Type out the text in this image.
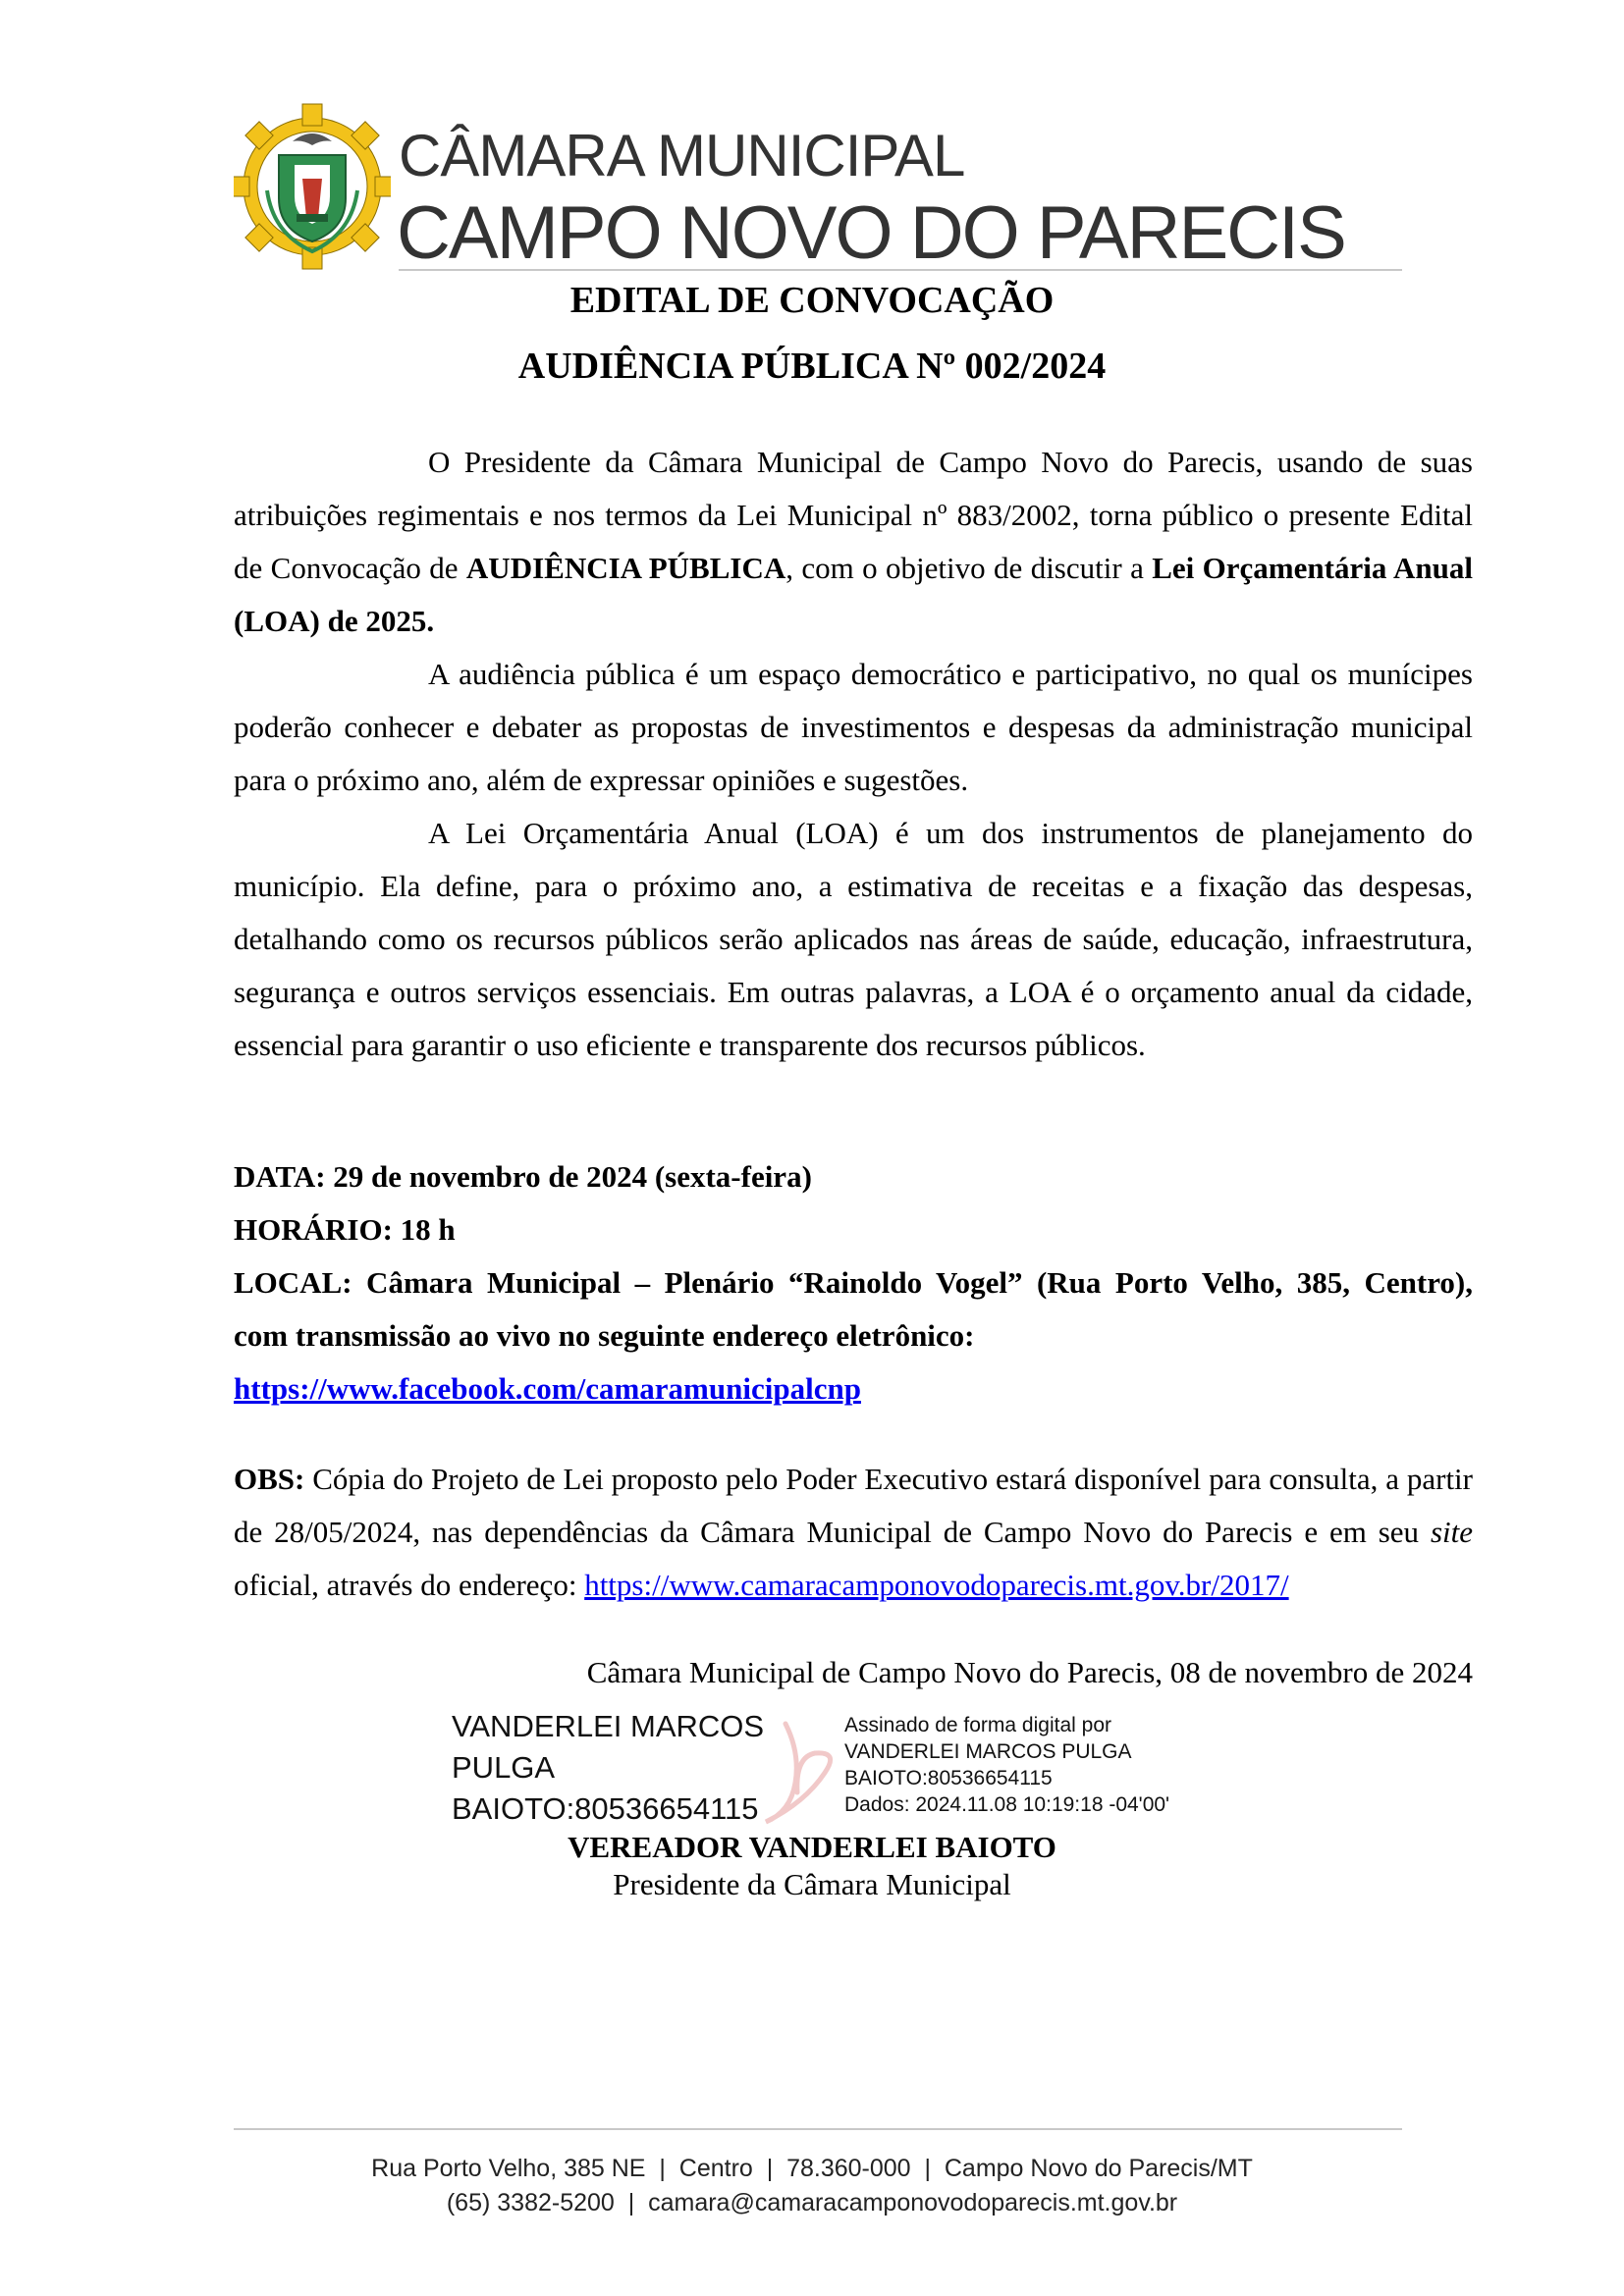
CÂMARA MUNICIPAL
CAMPO NOVO DO PARECIS
EDITAL DE CONVOCAÇÃO
AUDIÊNCIA PÚBLICA Nº 002/2024

O Presidente da Câmara Municipal de Campo Novo do Parecis, usando de suas atribuições regimentais e nos termos da Lei Municipal nº 883/2002, torna público o presente Edital de Convocação de AUDIÊNCIA PÚBLICA, com o objetivo de discutir a Lei Orçamentária Anual (LOA) de 2025.

A audiência pública é um espaço democrático e participativo, no qual os munícipes poderão conhecer e debater as propostas de investimentos e despesas da administração municipal para o próximo ano, além de expressar opiniões e sugestões.

A Lei Orçamentária Anual (LOA) é um dos instrumentos de planejamento do município. Ela define, para o próximo ano, a estimativa de receitas e a fixação das despesas, detalhando como os recursos públicos serão aplicados nas áreas de saúde, educação, infraestrutura, segurança e outros serviços essenciais. Em outras palavras, a LOA é o orçamento anual da cidade, essencial para garantir o uso eficiente e transparente dos recursos públicos.

DATA: 29 de novembro de 2024 (sexta-feira)
HORÁRIO: 18 h
LOCAL: Câmara Municipal – Plenário “Rainoldo Vogel” (Rua Porto Velho, 385, Centro),
com transmissão ao vivo no seguinte endereço eletrônico:
https://www.facebook.com/camaramunicipalcnp
OBS: Cópia do Projeto de Lei proposto pelo Poder Executivo estará disponível para consulta, a partir de 28/05/2024, nas dependências da Câmara Municipal de Campo Novo do Parecis e em seu site oficial, através do endereço: https://www.camaracamponovodoparecis.mt.gov.br/2017/
Câmara Municipal de Campo Novo do Parecis, 08 de novembro de 2024
VANDERLEI MARCOS
PULGA
BAIOTO:80536654115
Assinado de forma digital por
VANDERLEI MARCOS PULGA
BAIOTO:80536654115
Dados: 2024.11.08 10:19:18 -04'00'
VEREADOR VANDERLEI BAIOTO
Presidente da Câmara Municipal
Rua Porto Velho, 385 NE  |  Centro  |  78.360-000  |  Campo Novo do Parecis/MT
(65) 3382-5200  |  camara@camaracamponovodoparecis.mt.gov.br
